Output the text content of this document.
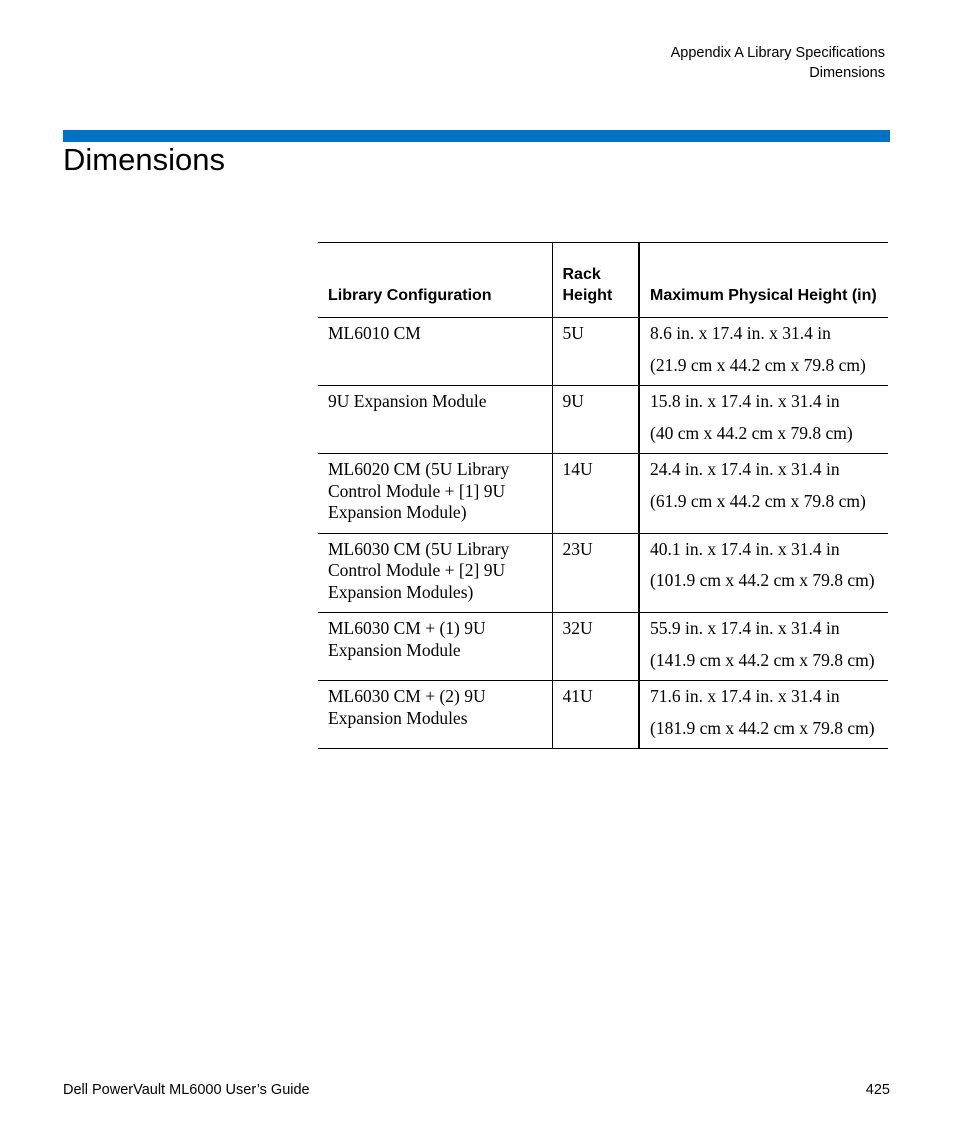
Appendix A Library Specifications
Dimensions
Dimensions
Library Configuration	Rack Height	Maximum Physical Height (in)
ML6010 CM	5U	8.6 in. x 17.4 in. x 31.4 in

(21.9 cm x 44.2 cm x 79.8 cm)

9U Expansion Module	9U	15.8 in. x 17.4 in. x 31.4 in

(40 cm x 44.2 cm x 79.8 cm)

ML6020 CM (5U Library Control Module + [1] 9U Expansion Module)	14U	24.4 in. x 17.4 in. x 31.4 in

(61.9 cm x 44.2 cm x 79.8 cm)

ML6030 CM (5U Library Control Module + [2] 9U Expansion Modules)	23U	40.1 in. x 17.4 in. x 31.4 in

(101.9 cm x 44.2 cm x 79.8 cm)

ML6030 CM + (1) 9U Expansion Module	32U	55.9 in. x 17.4 in. x 31.4 in

(141.9 cm x 44.2 cm x 79.8 cm)

ML6030 CM + (2) 9U Expansion Modules	41U	71.6 in. x 17.4 in. x 31.4 in

(181.9 cm x 44.2 cm x 79.8 cm)

Dell PowerVault ML6000 User’s Guide	425
